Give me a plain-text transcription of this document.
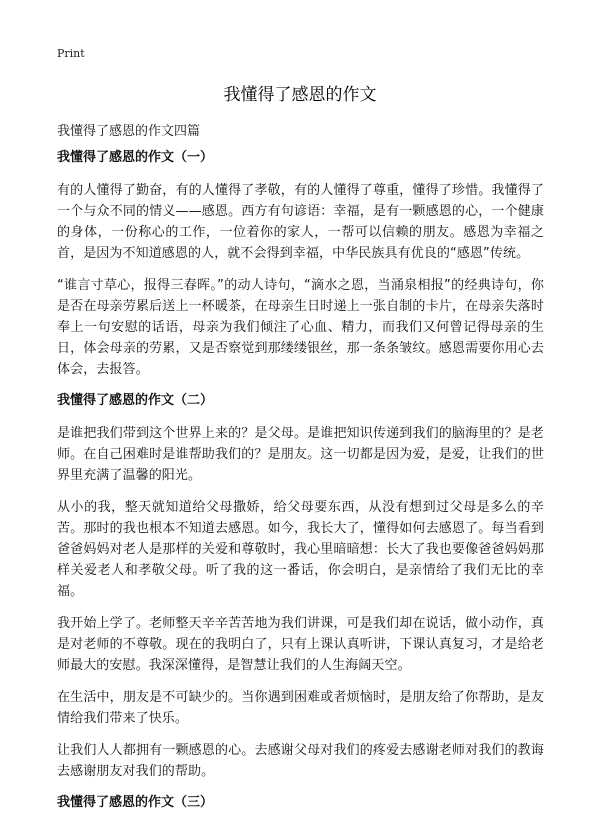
Print
我懂得了感恩的作文

我懂得了感恩的作文四篇

我懂得了感恩的作文（一）

有的人懂得了勤奋，有的人懂得了孝敬，有的人懂得了尊重，懂得了珍惜。我懂得了一个与众不同的情义——感恩。西方有句谚语：幸福，是有一颗感恩的心，一个健康的身体，一份称心的工作，一位着你的家人，一帮可以信赖的朋友。感恩为幸福之首，是因为不知道感恩的人，就不会得到幸福，中华民族具有优良的“感恩”传统。

“谁言寸草心，报得三春晖。”的动人诗句，“滴水之恩，当涌泉相报”的经典诗句，你是否在母亲劳累后送上一杯暖茶，在母亲生日时递上一张自制的卡片，在母亲失落时奉上一句安慰的话语，母亲为我们倾注了心血、精力，而我们又何曾记得母亲的生日，体会母亲的劳累，又是否察觉到那缕缕银丝，那一条条皱纹。感恩需要你用心去体会，去报答。

我懂得了感恩的作文（二）

是谁把我们带到这个世界上来的？是父母。是谁把知识传递到我们的脑海里的？是老师。在自己困难时是谁帮助我们的？是朋友。这一切都是因为爱，是爱，让我们的世界里充满了温馨的阳光。

从小的我，整天就知道给父母撒娇，给父母要东西，从没有想到过父母是多么的辛苦。那时的我也根本不知道去感恩。如今，我长大了，懂得如何去感恩了。每当看到爸爸妈妈对老人是那样的关爱和尊敬时，我心里暗暗想：长大了我也要像爸爸妈妈那样关爱老人和孝敬父母。听了我的这一番话，你会明白，是亲情给了我们无比的幸福。

我开始上学了。老师整天辛辛苦苦地为我们讲课，可是我们却在说话，做小动作，真是对老师的不尊敬。现在的我明白了，只有上课认真听讲，下课认真复习，才是给老师最大的安慰。我深深懂得，是智慧让我们的人生海阔天空。

在生活中，朋友是不可缺少的。当你遇到困难或者烦恼时，是朋友给了你帮助，是友情给我们带来了快乐。

让我们人人都拥有一颗感恩的心。去感谢父母对我们的疼爱去感谢老师对我们的教诲去感谢朋友对我们的帮助。

我懂得了感恩的作文（三）
